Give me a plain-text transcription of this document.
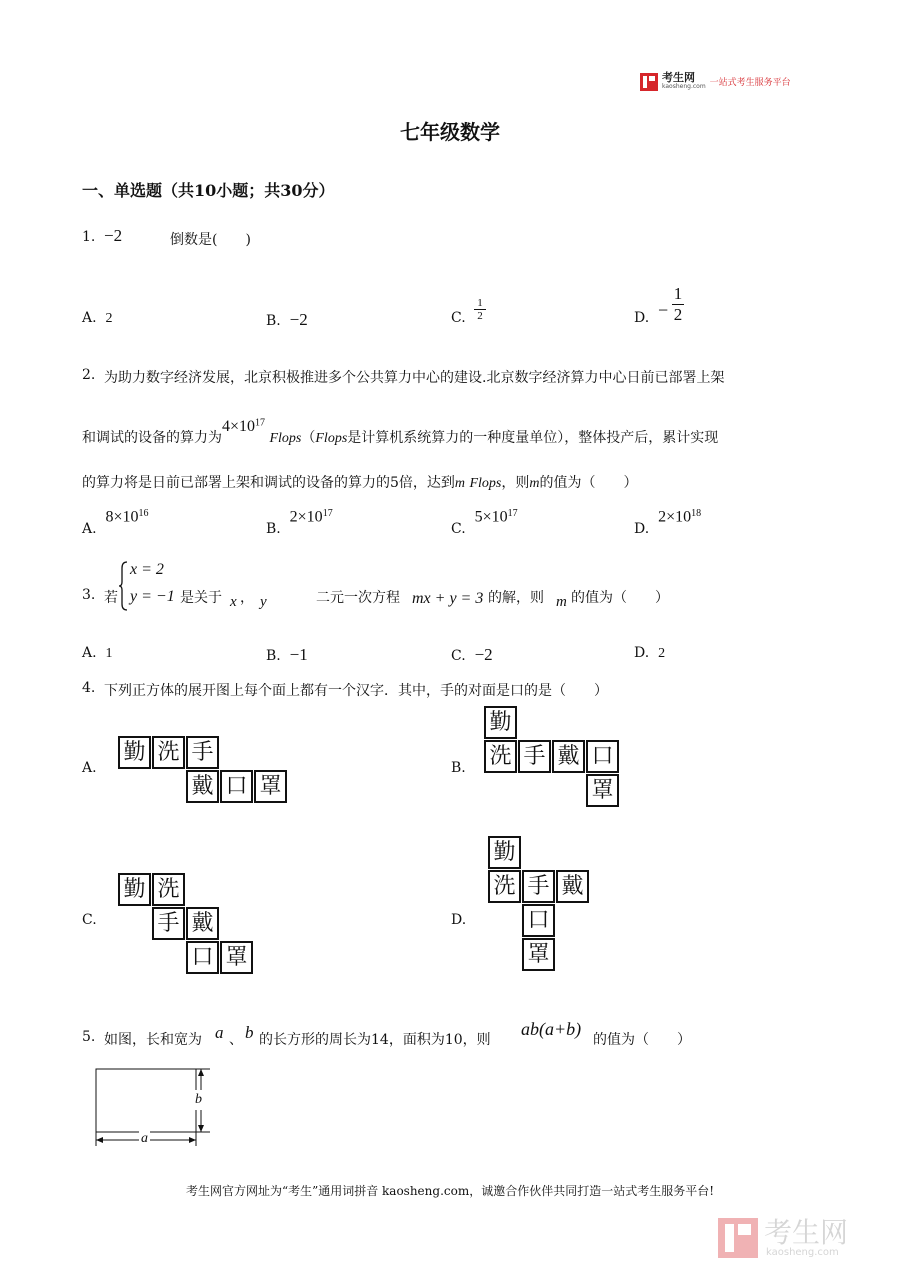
考生网
kaosheng.com 一站式考生服务平台
七年级数学
一、单选题（共10小题；共30分）
1. −2	倒数是(　　)
A. 2	B. −2	C.
1
2	D. −
1
2
2. 为助力数字经济发展，北京积极推进多个公共算力中心的建设.北京数字经济算力中心日前已部署上架
和调试的设备的算力为$4\times 10^{17}$ Flops（Flops是计算机系统算力的一种度量单位），整体投产后，累计实现
的算力将是日前已部署上架和调试的设备的算力的5倍，达到m Flops，则m的值为（　　）
A.  $8\times 10^{16}$
B.  $2\times 10^{17}$
C.  $5\times 10^{17}$
D.  $2\times 10^{18}$
3. 若
x = 2
y = −1 是关于 x ， y	二元一次方程 mx + y = 3 的解，则 m 的值为（　　）
A. 1	B. −1	C. −2	D. 2
4. 下列正方体的展开图上每个面上都有一个汉字．其中，手的对面是口的是（　　）
A.
勤 洗 手
戴 口 罩
B.
勤
洗 手 戴 口
罩
C.
勤 洗
手 戴
口 罩
D.
勤
洗 手 戴
口
罩
5. 如图，长和宽为 a 、 b 的长方形的周长为14，面积为10，则
ab(a+b)
的值为（　　）
a
b
考生网官方网址为“考生”通用词拼音 kaosheng.com，诚邀合作伙伴共同打造一站式考生服务平台!
考生网
kaosheng.com
